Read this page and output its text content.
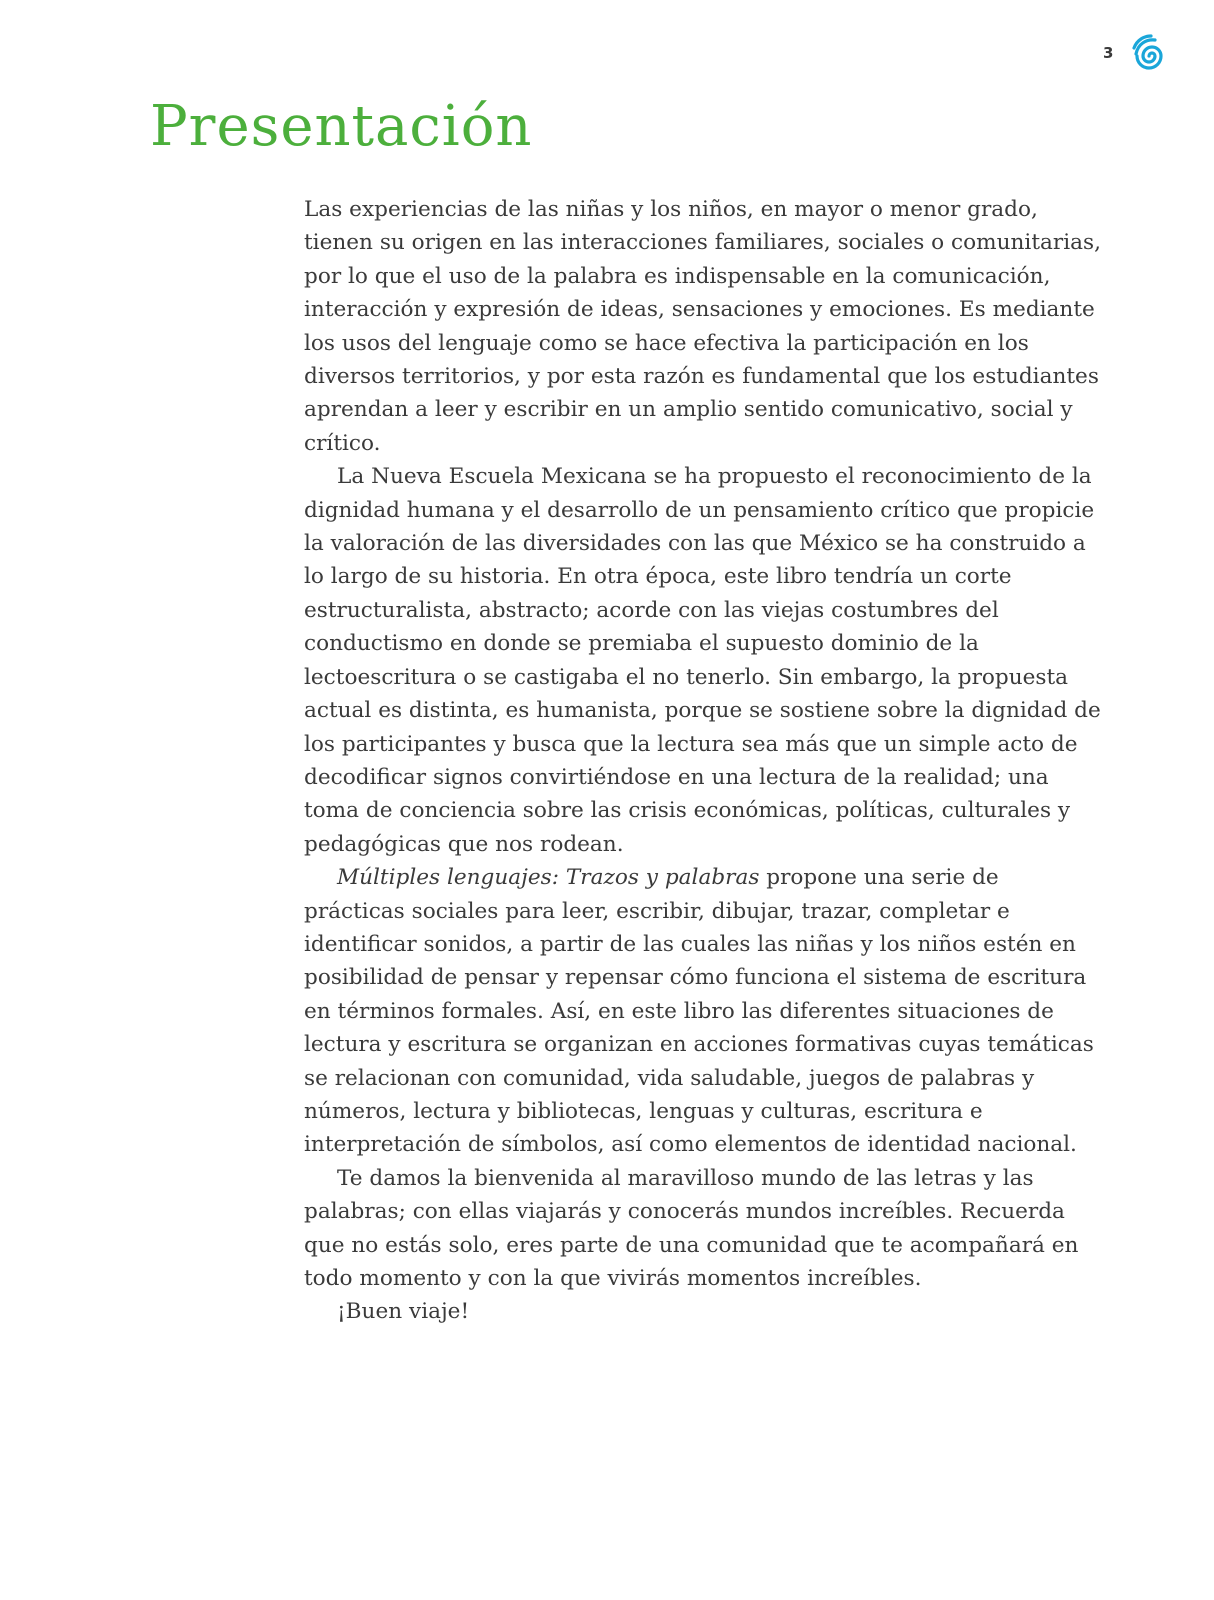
3
Presentación

Las experiencias de las niñas y los niños, en mayor o menor grado, tienen su origen en las interacciones familiares, sociales o comunitarias, por lo que el uso de la palabra es indispensable en la comunicación, interacción y expresión de ideas, sensaciones y emociones. Es mediante los usos del lenguaje como se hace efectiva la participación en los diversos territorios, y por esta razón es fundamental que los estudiantes aprendan a leer y escribir en un amplio sentido comunicativo, social y crítico.

La Nueva Escuela Mexicana se ha propuesto el reconocimiento de la dignidad humana y el desarrollo de un pensamiento crítico que propicie la valoración de las diversidades con las que México se ha construido a lo largo de su historia. En otra época, este libro tendría un corte estructuralista, abstracto; acorde con las viejas costumbres del conductismo en donde se premiaba el supuesto dominio de la lectoescritura o se castigaba el no tenerlo. Sin embargo, la propuesta actual es distinta, es humanista, porque se sostiene sobre la dignidad de los participantes y busca que la lectura sea más que un simple acto de decodificar signos convirtiéndose en una lectura de la realidad; una toma de conciencia sobre las crisis económicas, políticas, culturales y pedagógicas que nos rodean.

Múltiples lenguajes: Trazos y palabras propone una serie de prácticas sociales para leer, escribir, dibujar, trazar, completar e identificar sonidos, a partir de las cuales las niñas y los niños estén en posibilidad de pensar y repensar cómo funciona el sistema de escritura en términos formales. Así, en este libro las diferentes situaciones de lectura y escritura se organizan en acciones formativas cuyas temáticas se relacionan con comunidad, vida saludable, juegos de palabras y números, lectura y bibliotecas, lenguas y culturas, escritura e interpretación de símbolos, así como elementos de identidad nacional.

Te damos la bienvenida al maravilloso mundo de las letras y las palabras; con ellas viajarás y conocerás mundos increíbles. Recuerda que no estás solo, eres parte de una comunidad que te acompañará en todo momento y con la que vivirás momentos increíbles.

¡Buen viaje!
